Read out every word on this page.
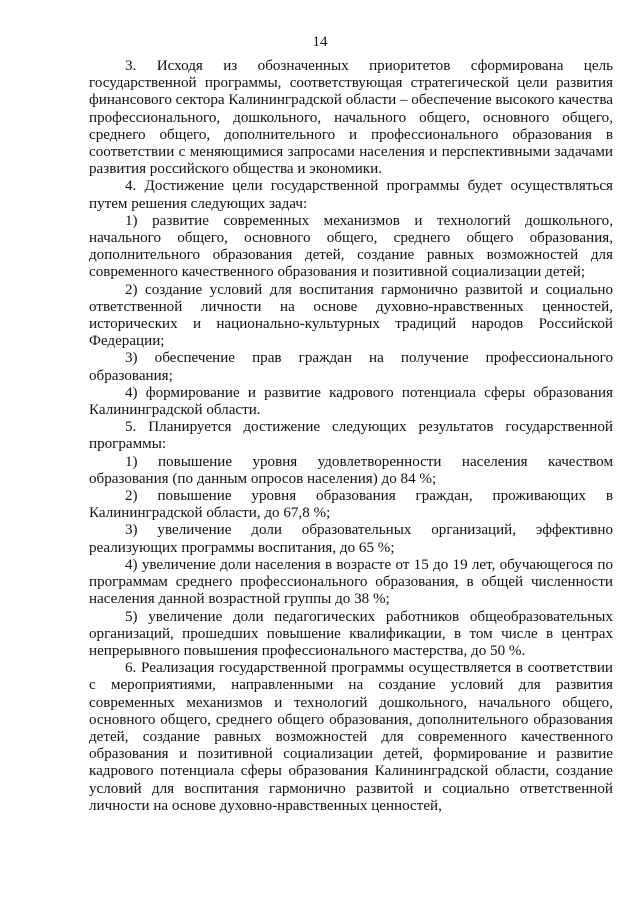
14

3. Исходя из обозначенных приоритетов сформирована цель государственной программы, соответствующая стратегической цели развития финансового сектора Калининградской области – обеспечение высокого качества профессионального, дошкольного, начального общего, основного общего, среднего общего, дополнительного и профессионального образования в соответствии с меняющимися запросами населения и перспективными задачами развития российского общества и экономики.

4. Достижение цели государственной программы будет осуществляться путем решения следующих задач:

1) развитие современных механизмов и технологий дошкольного, начального общего, основного общего, среднего общего образования, дополнительного образования детей, создание равных возможностей для современного качественного образования и позитивной социализации детей;

2) создание условий для воспитания гармонично развитой и социально ответственной личности на основе духовно-нравственных ценностей, исторических и национально-культурных традиций народов Российской Федерации;

3) обеспечение прав граждан на получение профессионального образования;

4) формирование и развитие кадрового потенциала сферы образования Калининградской области.

5. Планируется достижение следующих результатов государственной программы:

1) повышение уровня удовлетворенности населения качеством образования (по данным опросов населения) до 84 %;

2) повышение уровня образования граждан, проживающих в Калининградской области, до 67,8 %;

3) увеличение доли образовательных организаций, эффективно реализующих программы воспитания, до 65 %;

4) увеличение доли населения в возрасте от 15 до 19 лет, обучающегося по программам среднего профессионального образования, в общей численности населения данной возрастной группы до 38 %;

5) увеличение доли педагогических работников общеобразовательных организаций, прошедших повышение квалификации, в том числе в центрах непрерывного повышения профессионального мастерства, до 50 %.

6. Реализация государственной программы осуществляется в соответствии с мероприятиями, направленными на создание условий для развития современных механизмов и технологий дошкольного, начального общего, основного общего, среднего общего образования, дополнительного образования детей, создание равных возможностей для современного качественного образования и позитивной социализации детей, формирование и развитие кадрового потенциала сферы образования Калининградской области, создание условий для воспитания гармонично развитой и социально ответственной личности на основе духовно-нравственных ценностей,
